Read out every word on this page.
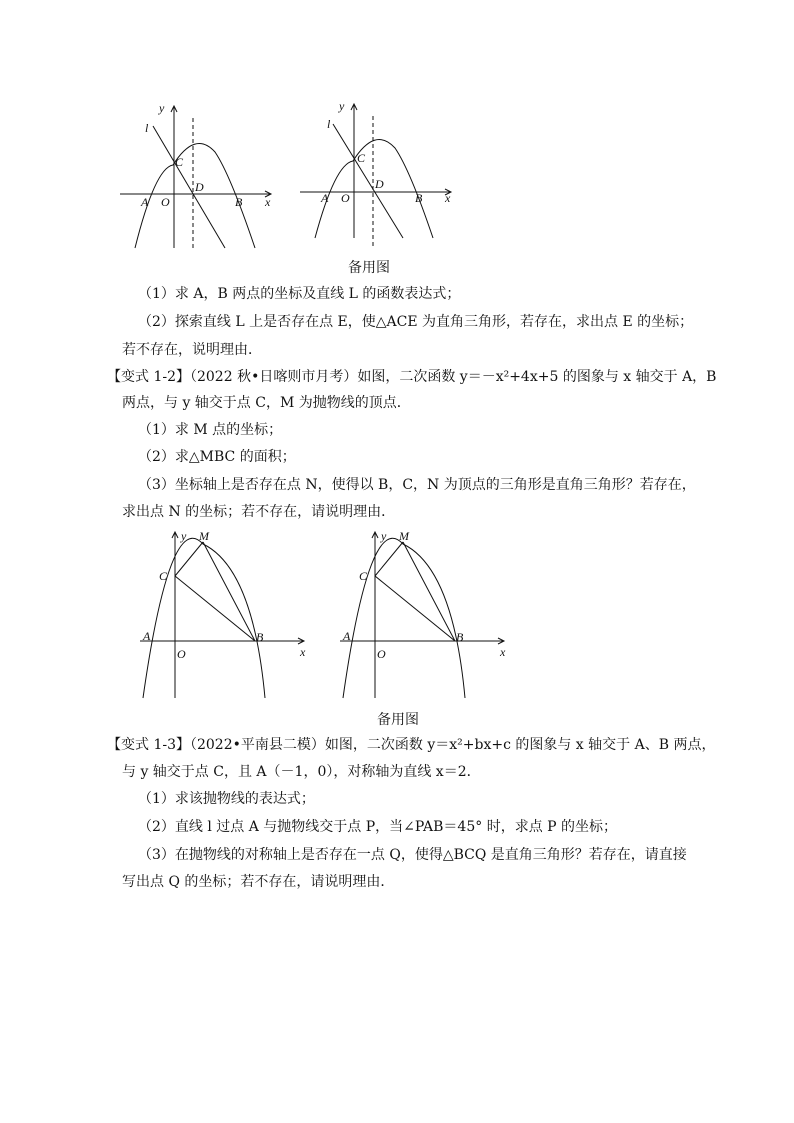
y
l
C
D
A O	B x
y
l
C
D
A O	B x
备用图
（1）求 A，B 两点的坐标及直线 L 的函数表达式；
（2）探索直线 L 上是否存在点 E，使△ACE 为直角三角形，若存在，求出点 E 的坐标；
若不存在，说明理由．
【变式 1-2】（2022 秋•日喀则市月考）如图，二次函数 y＝－x²+4x+5 的图象与 x 轴交于 A，B
两点，与 y 轴交于点 C，M 为抛物线的顶点．
（1）求 M 点的坐标；
（2）求△MBC 的面积；
（3）坐标轴上是否存在点 N，使得以 B，C，N 为顶点的三角形是直角三角形？若存在，
求出点 N 的坐标；若不存在，请说明理由．
y M
C
A	B
O	x
y M
C
A	B
O	x
备用图
【变式 1-3】（2022•平南县二模）如图，二次函数 y＝x²+bx+c 的图象与 x 轴交于 A、B 两点，
与 y 轴交于点 C，且 A（－1，0），对称轴为直线 x＝2．
（1）求该抛物线的表达式；
（2）直线 l 过点 A 与抛物线交于点 P，当∠PAB＝45° 时，求点 P 的坐标；
（3）在抛物线的对称轴上是否存在一点 Q，使得△BCQ 是直角三角形？若存在，请直接
写出点 Q 的坐标；若不存在，请说明理由．
